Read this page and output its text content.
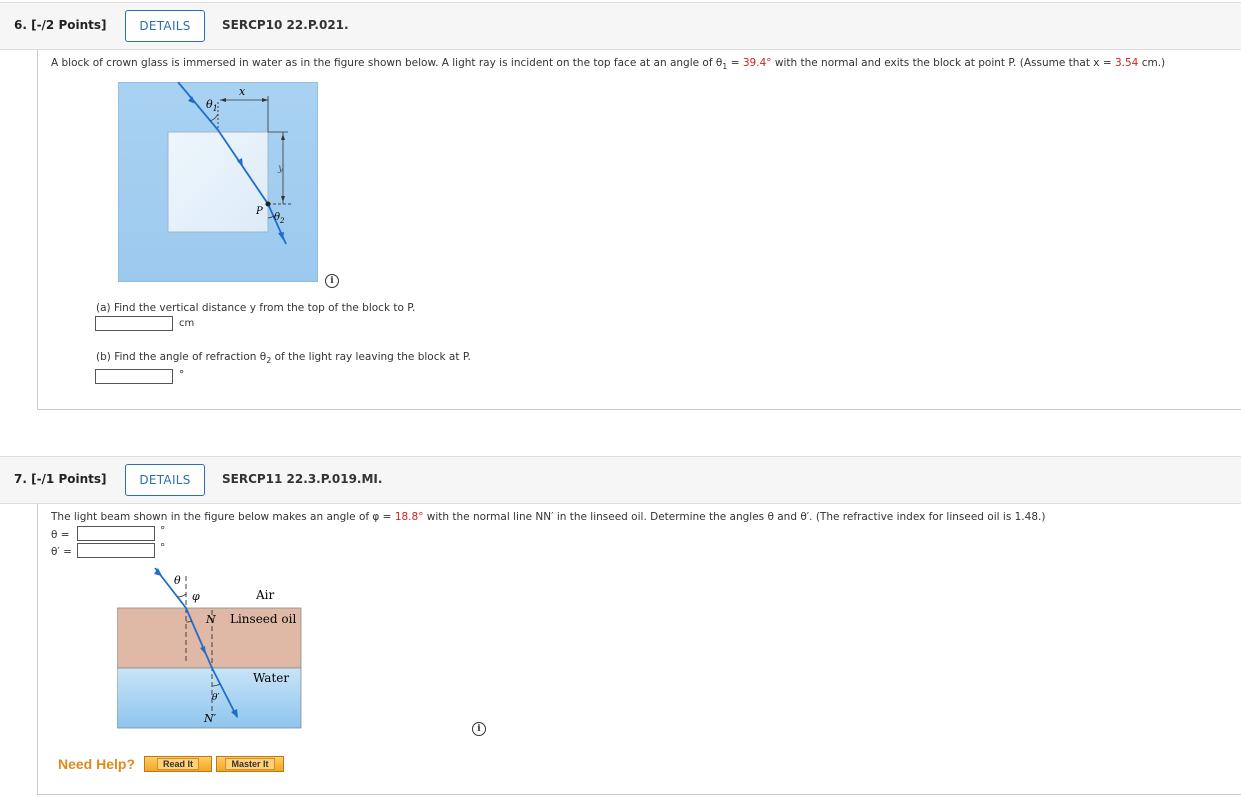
6. [-/2 Points]	DETAILS	SERCP10 22.P.021.
A block of crown glass is immersed in water as in the figure shown below. A light ray is incident on the top face at an angle of $\theta_1 = 39.4^\circ$ with the normal and exits the block at point P. (Assume that x = 3.54 cm.)
$\theta_1$
x
y
P
$\theta_2$
i
(a) Find the vertical distance y from the top of the block to P.
cm
(b) Find the angle of refraction $\theta_2$ of the light ray leaving the block at P.
°
7. [-/1 Points]	DETAILS	SERCP11 22.3.P.019.MI.
The light beam shown in the figure below makes an angle of φ = 18.8° with the normal line NN′ in the linseed oil. Determine the angles θ and θ′. (The refractive index for linseed oil is 1.48.)
θ =	°
θ′ =	°
θ
φ	Air
N Linseed oil
Water
θ′
N′
i
Need Help?	Read It	Master It
